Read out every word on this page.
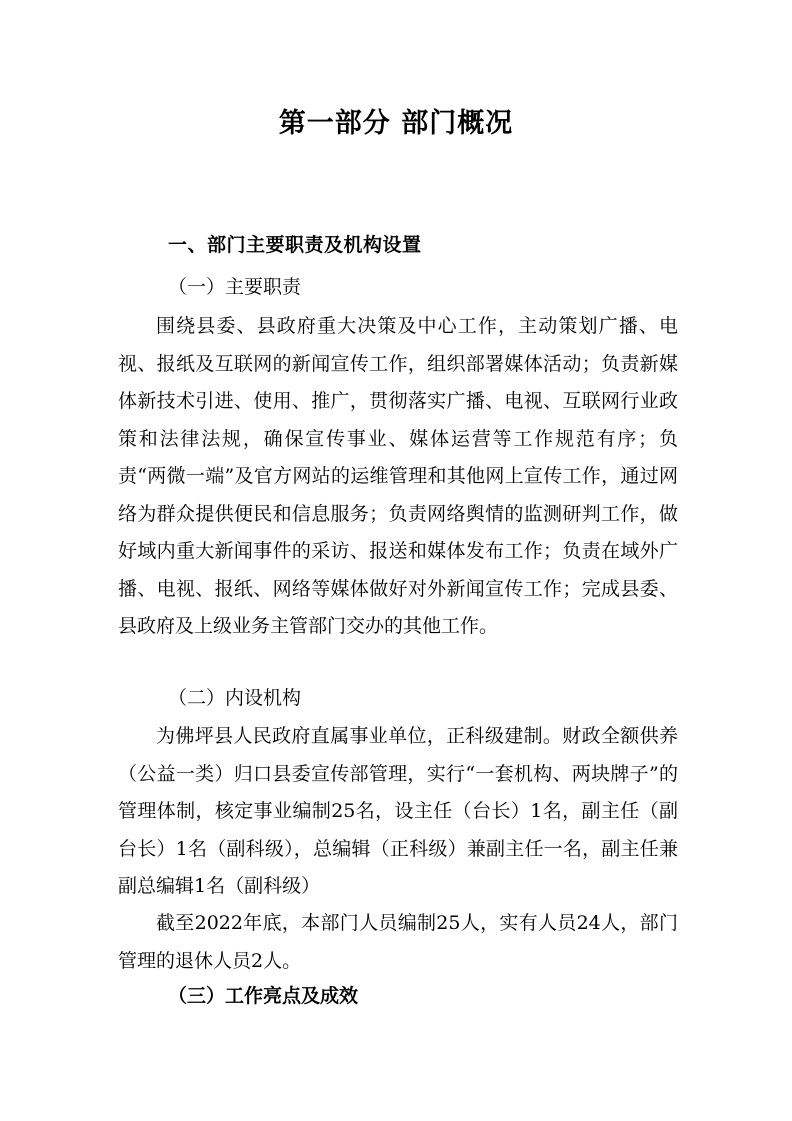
第一部分 部门概况
一、部门主要职责及机构设置
（一）主要职责

围绕县委、县政府重大决策及中心工作，主动策划广播、电视、报纸及互联网的新闻宣传工作，组织部署媒体活动；负责新媒体新技术引进、使用、推广，贯彻落实广播、电视、互联网行业政策和法律法规，确保宣传事业、媒体运营等工作规范有序；负责“两微一端”及官方网站的运维管理和其他网上宣传工作，通过网络为群众提供便民和信息服务；负责网络舆情的监测研判工作，做好域内重大新闻事件的采访、报送和媒体发布工作；负责在域外广播、电视、报纸、网络等媒体做好对外新闻宣传工作；完成县委、县政府及上级业务主管部门交办的其他工作。

（二）内设机构

为佛坪县人民政府直属事业单位，正科级建制。财政全额供养（公益一类）归口县委宣传部管理，实行“一套机构、两块牌子”的管理体制，核定事业编制25名，设主任（台长）1名，副主任（副台长）1名（副科级），总编辑（正科级）兼副主任一名，副主任兼副总编辑1名（副科级）

截至2022年底，本部门人员编制25人，实有人员24人，部门管理的退休人员2人。

（三）工作亮点及成效
